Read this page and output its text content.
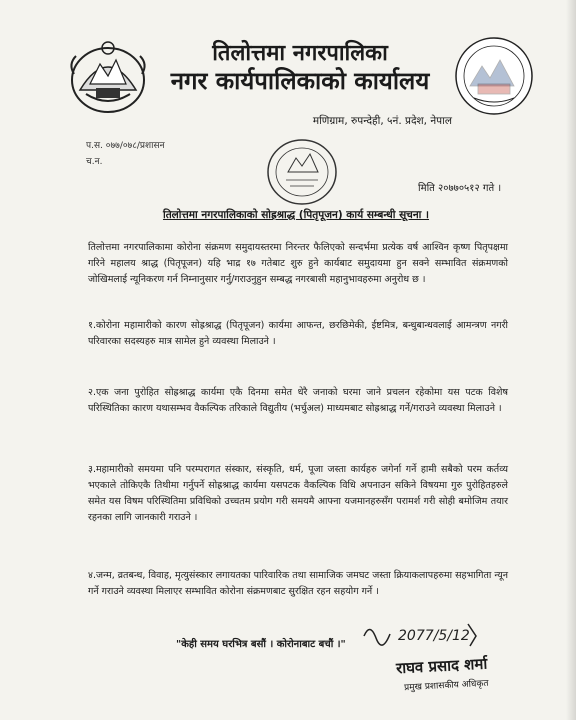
तिलोत्तमा नगरपालिका
नगर कार्यपालिकाको कार्यालय
मणिग्राम, रुपन्देही, ५नं. प्रदेश, नेपाल
प.स. ०७७/०७८/प्रशासन
च.न.
मिति २०७७०५१२ गते ।
तिलोत्तमा नगरपालिकाको सोह्रश्राद्ध (पितृपूजन) कार्य सम्बन्धी सूचना ।
तिलोत्तमा नगरपालिकामा कोरोना संक्रमण समुदायस्तरमा निरन्तर फैलिएको सन्दर्भमा प्रत्येक वर्ष आश्विन कृष्ण पितृपक्षमा गरिने महालय श्राद्ध (पितृपूजन) यहि भाद्र १७ गतेबाट शुरु हुने कार्यबाट समुदायमा हुन सक्ने सम्भावित संक्रमणको जोखिमलाई न्यूनिकरण गर्न निम्नानुसार गर्नु/गराउनुहुन सम्बद्ध नगरबासी महानुभावहरुमा अनुरोध छ ।
१.कोरोना महामारीको कारण सोह्रश्राद्ध (पितृपूजन) कार्यमा आफन्त, छरछिमेकी, ईष्टमित्र, बन्धुबान्धवलाई आमन्त्रण नगरी परिवारका सदस्यहरु मात्र सामेल हुने व्यवस्था मिलाउने ।
२.एक जना पुरोहित सोह्रश्राद्ध कार्यमा एकै दिनमा समेत धेरै जनाको घरमा जाने प्रचलन रहेकोमा यस पटक विशेष परिस्थितिका कारण यथासम्भव वैकल्पिक तरिकाले विद्युतीय (भर्चुअल) माध्यमबाट सोह्रश्राद्ध गर्ने/गराउने व्यवस्था मिलाउने ।
३.महामारीको समयमा पनि परम्परागत संस्कार, संस्कृति, धर्म, पूजा जस्ता कार्यहरु जगेर्ना गर्ने हामी सबैको परम कर्तव्य भएकाले तोकिएकै तिथीमा गर्नुपर्ने सोह्रश्राद्ध कार्यमा यसपटक वैकल्पिक विधि अपनाउन सकिने विषयमा गुरु पुरोहितहरुले समेत यस विषम परिस्थितिमा प्रविधिको उच्चतम प्रयोग गरी समयमै आफ्ना यजमानहरुसँग परामर्श गरी सोही बमोजिम तयार रहनका लागि जानकारी गराउने ।
४.जन्म, व्रतबन्ध, विवाह, मृत्युसंस्कार लगायतका पारिवारिक तथा सामाजिक जमघट जस्ता क्रियाकलापहरुमा सहभागिता न्यून गर्ने गराउने व्यवस्था मिलाएर सम्भावित कोरोना संक्रमणबाट सुरक्षित रहन सहयोग गर्ने ।
"केही समय घरभित्र बसौं । कोरोनाबाट बचौं ।"
2077/5/12
राघव प्रसाद शर्मा
प्रमुख प्रशासकीय अधिकृत
